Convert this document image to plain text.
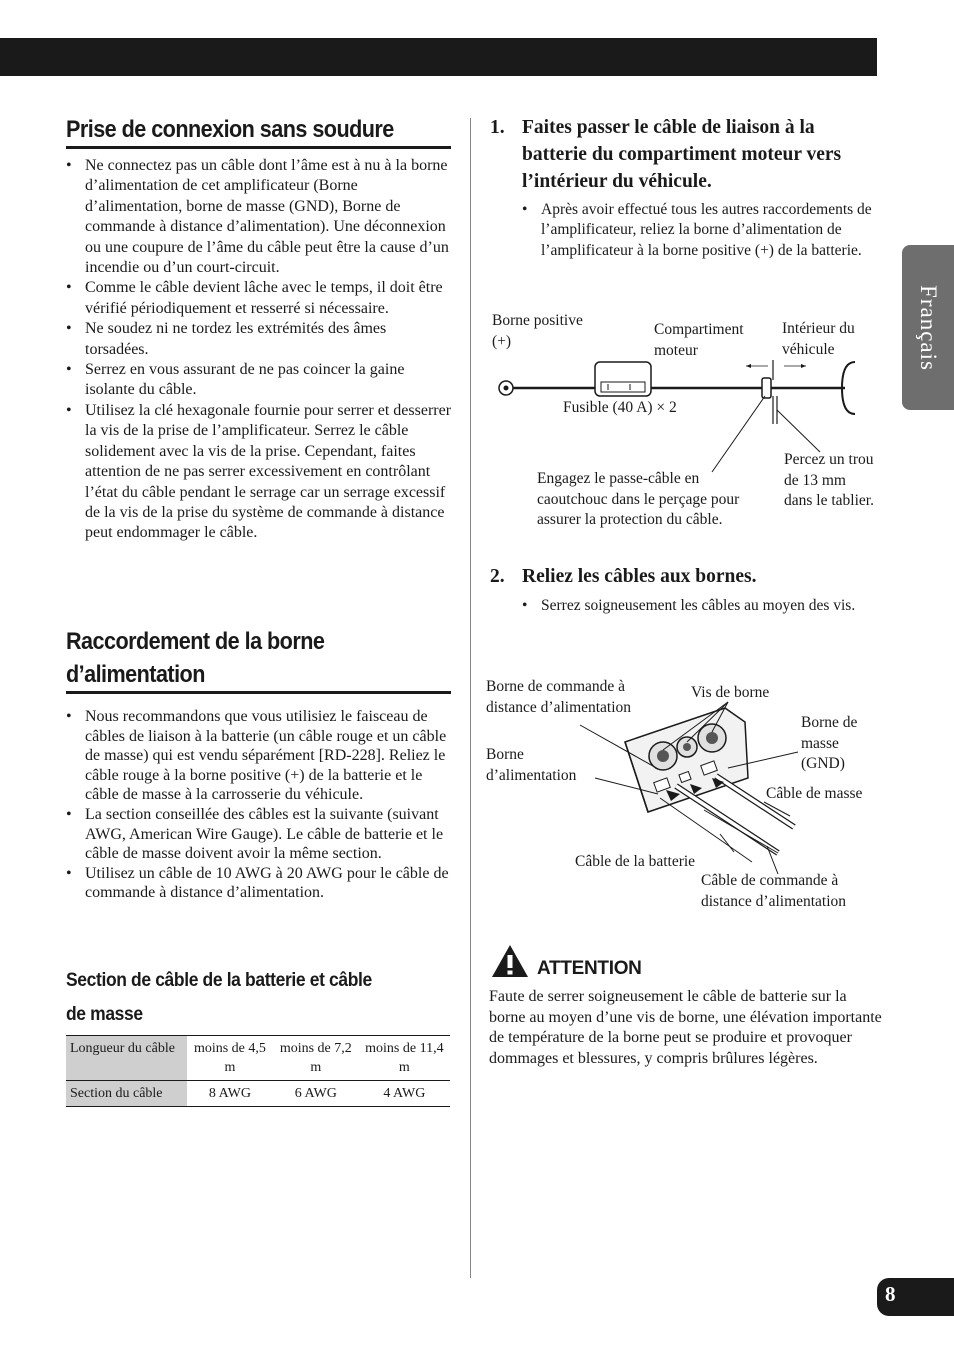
Français
8
Prise de connexion sans soudure
• Ne connectez pas un câble dont l’âme est à nu à la borne d’alimentation de cet amplificateur (Borne d’alimentation, borne de masse (GND), Borne de commande à distance d’alimentation). Une déconnexion ou une coupure de l’âme du câble peut être la cause d’un incendie ou d’un court-circuit.
• Comme le câble devient lâche avec le temps, il doit être vérifié périodiquement et resserré si nécessaire.
• Ne soudez ni ne tordez les extrémités des âmes torsadées.
• Serrez en vous assurant de ne pas coincer la gaine isolante du câble.
• Utilisez la clé hexagonale fournie pour serrer et desserrer la vis de la prise de l’amplificateur. Serrez le câble solidement avec la vis de la prise. Cependant, faites attention de ne pas serrer excessivement en contrôlant l’état du câble pendant le serrage car un serrage excessif de la vis de la prise du système de commande à distance peut endommager le câble.
Raccordement de la borne
d’alimentation
• Nous recommandons que vous utilisiez le faisceau de câbles de liaison à la batterie (un câble rouge et un câble de masse) qui est vendu séparément [RD-228]. Reliez le câble rouge à la borne positive (+) de la batterie et le câble de masse à la carrosserie du véhicule.
• La section conseillée des câbles est la suivante (suivant AWG, American Wire Gauge). Le câble de batterie et le câble de masse doivent avoir la même section.
• Utilisez un câble de 10 AWG à 20 AWG pour le câble de commande à distance d’alimentation.
Section de câble de la batterie et câble
de masse
Longueur du câble	moins de 4,5 m	moins de 7,2 m	moins de 11,4 m
Section du câble	8 AWG	6 AWG	4 AWG
1. Faites passer le câble de liaison à la batterie du compartiment moteur vers l’intérieur du véhicule.
• Après avoir effectué tous les autres raccordements de l’amplificateur, reliez la borne d’alimentation de l’amplificateur à la borne positive (+) de la batterie.
Borne positive (+)
Compartiment moteur
Intérieur du véhicule
Fusible (40 A) × 2
Engagez le passe-câble en caoutchouc dans le perçage pour assurer la protection du câble.
Percez un trou de 13 mm dans le tablier.
2. Reliez les câbles aux bornes.
• Serrez soigneusement les câbles au moyen des vis.
Borne de commande à distance d’alimentation
Vis de borne
Borne de masse (GND)
Borne d’alimentation
Câble de masse
Câble de la batterie
Câble de commande à distance d’alimentation
ATTENTION
Faute de serrer soigneusement le câble de batterie sur la borne au moyen d’une vis de borne, une élévation importante de température de la borne peut se produire et provoquer dommages et blessures, y compris brûlures légères.
